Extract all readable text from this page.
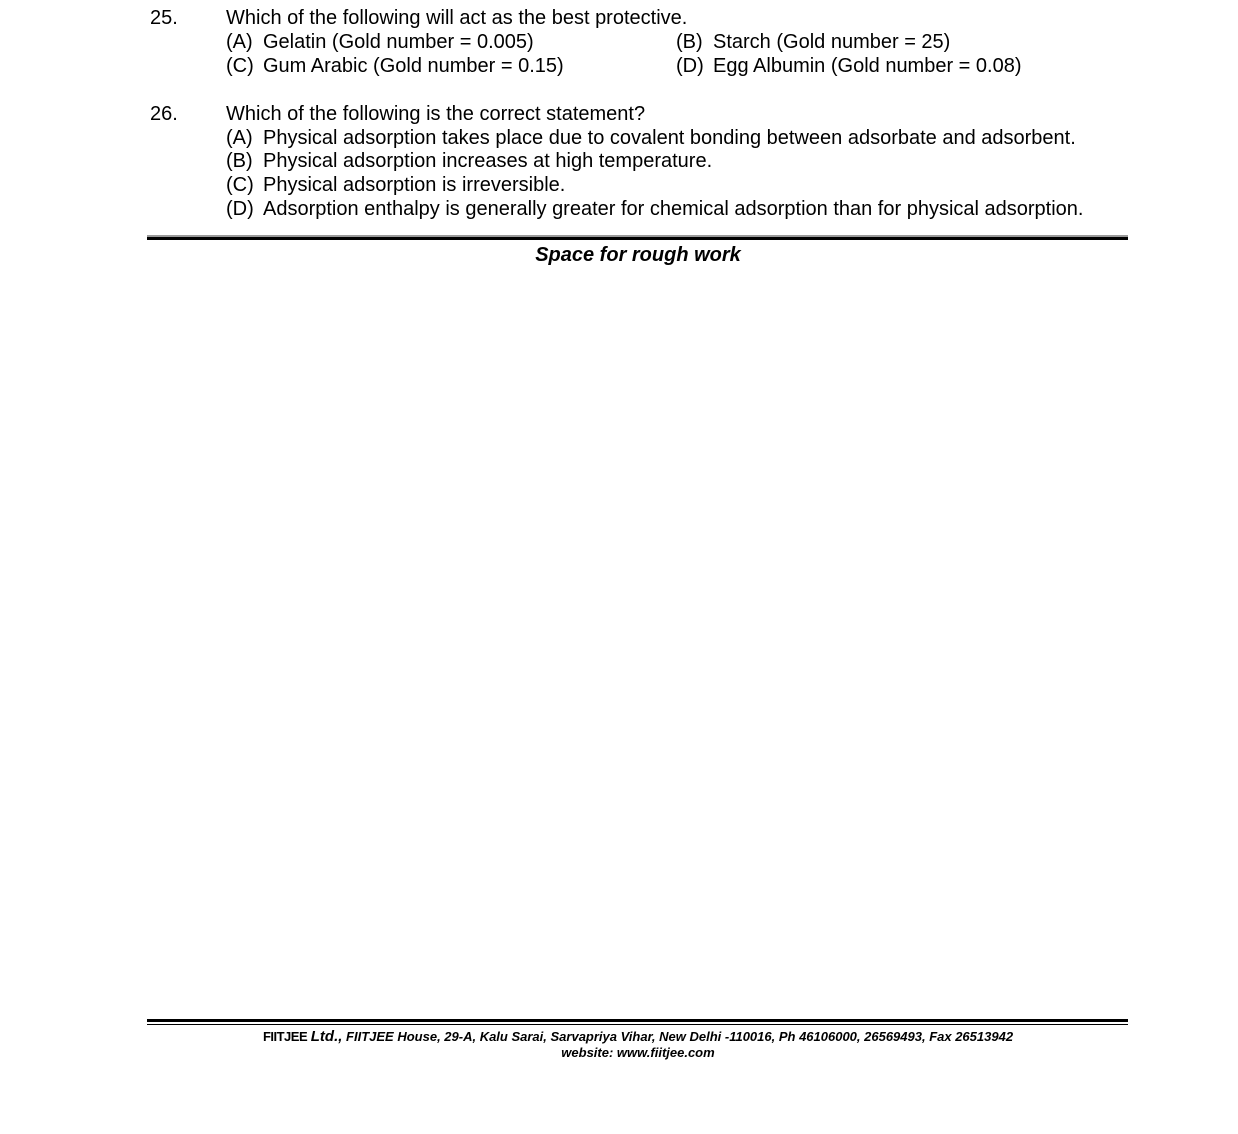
25. Which of the following will act as the best protective.
(A) Gelatin (Gold number = 0.005)	(B) Starch (Gold number = 25)
(C) Gum Arabic (Gold number = 0.15)	(D) Egg Albumin (Gold number = 0.08)
26. Which of the following is the correct statement?
(A) Physical adsorption takes place due to covalent bonding between adsorbate and adsorbent.
(B) Physical adsorption increases at high temperature.
(C) Physical adsorption is irreversible.
(D) Adsorption enthalpy is generally greater for chemical adsorption than for physical adsorption.
Space for rough work
FIITJEE Ltd., FIITJEE House, 29-A, Kalu Sarai, Sarvapriya Vihar, New Delhi -110016, Ph 46106000, 26569493, Fax 26513942
website: www.fiitjee.com
